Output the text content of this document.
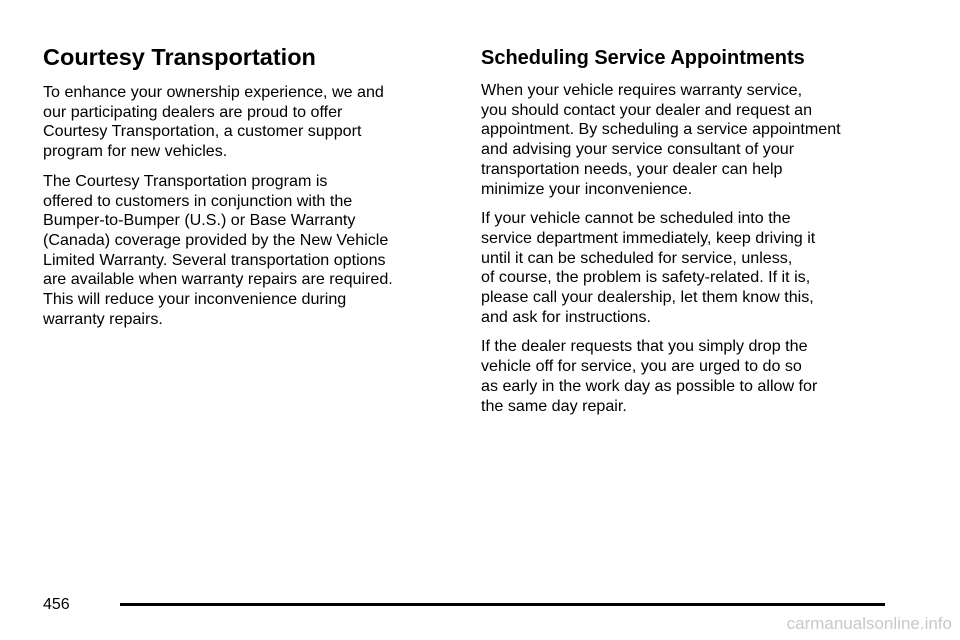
Courtesy Transportation

To enhance your ownership experience, we and
our participating dealers are proud to offer
Courtesy Transportation, a customer support
program for new vehicles.

The Courtesy Transportation program is
offered to customers in conjunction with the
Bumper-to-Bumper (U.S.) or Base Warranty
(Canada) coverage provided by the New Vehicle
Limited Warranty. Several transportation options
are available when warranty repairs are required.
This will reduce your inconvenience during
warranty repairs.

Scheduling Service Appointments

When your vehicle requires warranty service,
you should contact your dealer and request an
appointment. By scheduling a service appointment
and advising your service consultant of your
transportation needs, your dealer can help
minimize your inconvenience.

If your vehicle cannot be scheduled into the
service department immediately, keep driving it
until it can be scheduled for service, unless,
of course, the problem is safety-related. If it is,
please call your dealership, let them know this,
and ask for instructions.

If the dealer requests that you simply drop the
vehicle off for service, you are urged to do so
as early in the work day as possible to allow for
the same day repair.

456
carmanualsonline.info
